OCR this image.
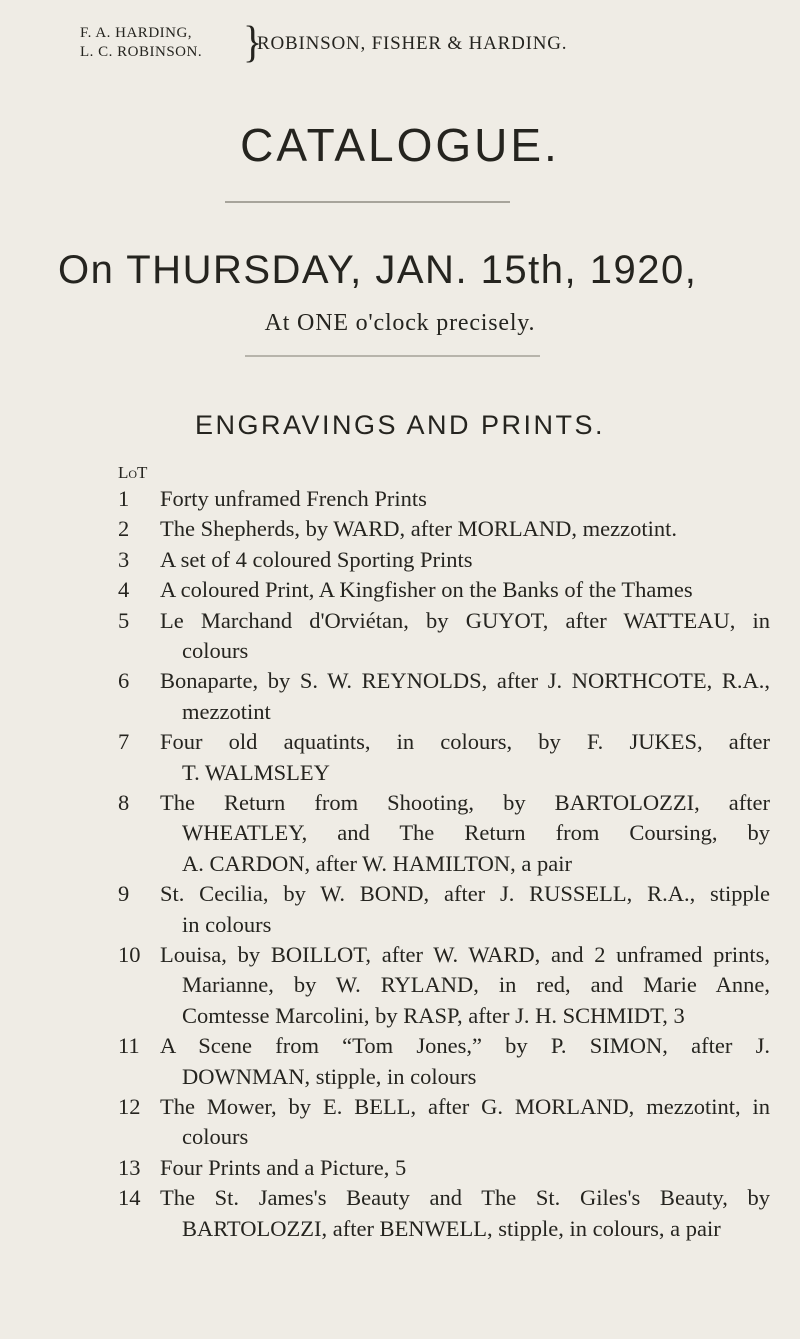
F. A. HARDING,
L. C. ROBINSON. }
ROBINSON, FISHER & HARDING.
CATALOGUE.
On THURSDAY, JAN. 15th, 1920,
At ONE o'clock precisely.
ENGRAVINGS AND PRINTS.
LoT
1	Forty unframed French Prints
2	The Shepherds, by WARD, after MORLAND, mezzotint.
3	A set of 4 coloured Sporting Prints
4	A coloured Print, A Kingfisher on the Banks of the Thames
5	Le Marchand d'Orviétan, by GUYOT, after WATTEAU, in
colours
6	Bonaparte, by S. W. REYNOLDS, after J. NORTHCOTE, R.A.,
mezzotint
7	Four old aquatints, in colours, by F. JUKES, after
T. WALMSLEY
8	The Return from Shooting, by BARTOLOZZI, after
WHEATLEY, and The Return from Coursing, by
A. CARDON, after W. HAMILTON, a pair
9	St. Cecilia, by W. BOND, after J. RUSSELL, R.A., stipple
in colours
10 Louisa, by BOILLOT, after W. WARD, and 2 unframed prints,
Marianne, by W. RYLAND, in red, and Marie Anne,
Comtesse Marcolini, by RASP, after J. H. SCHMIDT, 3
11 A Scene from “Tom Jones,” by P. SIMON, after J.
DOWNMAN, stipple, in colours
12 The Mower, by E. BELL, after G. MORLAND, mezzotint, in
colours
13 Four Prints and a Picture, 5
14 The St. James's Beauty and The St. Giles's Beauty, by
BARTOLOZZI, after BENWELL, stipple, in colours, a pair
